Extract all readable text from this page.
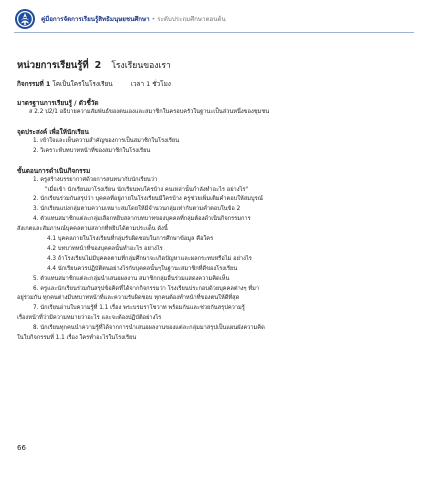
คู่มือการจัดการเรียนรู้สิทธิมนุษยชนศึกษา • ระดับประถมศึกษาตอนต้น
หน่วยการเรียนรู้ที่ 2 โรงเรียนของเรา
กิจกรรมที่ 1 โคเป็นใครในโรงเรียน	เวลา 1 ชั่วโมง
มาตรฐานการเรียนรู้ / ตัวชี้วัด

ส 2.2 ป2/1 อธิบายความสัมพันธ์ของตนเองและสมาชิกในครอบครัวในฐานะเป็นส่วนหนึ่งของชุมชน

จุดประสงค์ เพื่อให้นักเรียน
1. เข้าใจและเห็นความสำคัญของการเป็นสมาชิกในโรงเรียน
2. วิเคราะห์บทบาทหน้าที่ของสมาชิกในโรงเรียน
ขั้นตอนการดำเนินกิจกรรม
1. ครูสร้างบรรยากาศด้วยการสนทนากับนักเรียนว่า
"เมื่อเข้า นักเรียนมาโรงเรียน นักเรียนพบใครบ้าง คนเหล่านั้นกำลังทำอะไร อย่างไร"
2. นักเรียนร่วมกันสรุปว่า บุคคลที่อยู่ภายในโรงเรียนมีใครบ้าง ครูช่วยเพิ่มเติมคำตอบให้สมบูรณ์
3. นักเรียนแบ่งกลุ่มตามความเหมาะสมโดยให้มีจำนวนกลุ่มเท่ากับตามคำตอบในข้อ 2
4. ตัวแทนสมาชิกแต่ละกลุ่มเลือกหยิบสลากบทบาทของบุคคลที่กลุ่มต้องดำเนินกิจกรรมการ
สังเกตและสัมภาษณ์บุคคลตามสลากที่หยิบได้ตามประเด็น ดังนี้
4.1 บุคคลภายในโรงเรียนที่กลุ่มรับผิดชอบในการศึกษาข้อมูล คือใคร
4.2 บทบาทหน้าที่ของบุคคลนั้นทำอะไร อย่างไร
4.3 ถ้าโรงเรียนไม่มีบุคคลตามที่กลุ่มศึกษาจะเกิดปัญหาและผลกระทบหรือไม่ อย่างไร
4.4 นักเรียนควรปฏิบัติตนอย่างไรกับบุคคลนั้นๆในฐานะสมาชิกที่ดีของโรงเรียน
5. ตัวแทนสมาชิกแต่ละกลุ่มนำเสนอผลงาน สมาชิกกลุ่มอื่นร่วมแสดงความคิดเห็น
6. ครูและนักเรียนร่วมกันสรุปข้อคิดที่ได้จากกิจกรรมว่า โรงเรียนประกอบด้วยบุคคลต่างๆ ที่มา
อยู่ร่วมกัน ทุกคนต่างมีบทบาทหน้าที่และความรับผิดชอบ ทุกคนต้องทำหน้าที่ของตนให้ดีที่สุด
7. นักเรียนอ่านใบความรู้ที่ 1.1 เรื่อง พระบรมราโชวาท พร้อมกันและช่วยกันสรุปความรู้
เรื่องหน้าที่ว่ามีความหมายว่าอะไร และจะต้องปฏิบัติอย่างไร
8. นักเรียนทุกคนนำความรู้ที่ได้จากการนำเสนอผลงานของแต่ละกลุ่มมาสรุปเป็นแผนผังความคิด
ในใบกิจกรรมที่ 1.1 เรื่อง ใครทำอะไรในโรงเรียน
66
